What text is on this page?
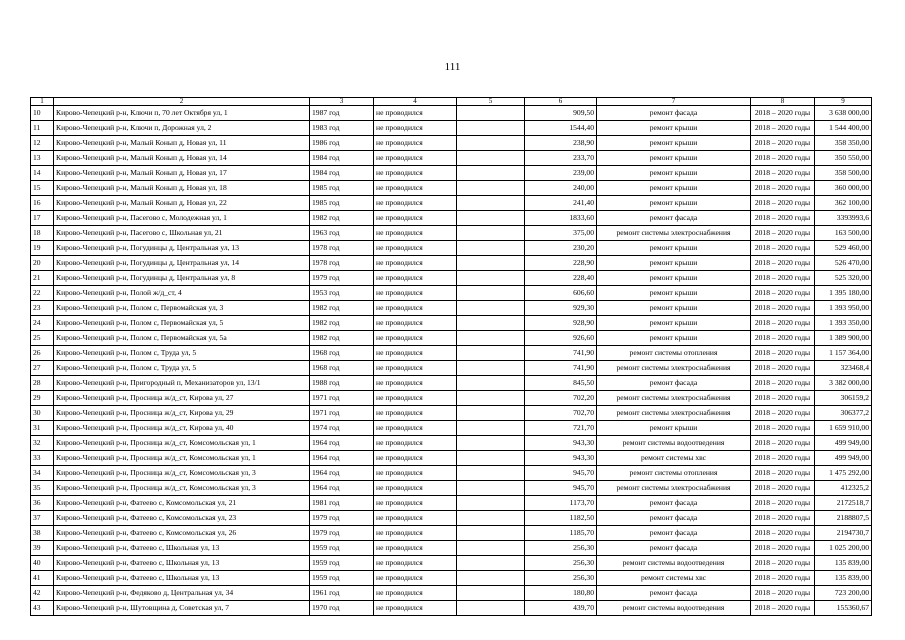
111
1	2	3	4	5	6	7	8	9
10	Кирово-Чепецкий р-н, Ключи п, 70 лет Октября ул, 1	1987 год	не проводился		909,50	ремонт фасада	2018 – 2020 годы	3 638 000,00
11	Кирово-Чепецкий р-н, Ключи п, Дорожная ул, 2	1983 год	не проводился		1544,40	ремонт крыши	2018 – 2020 годы	1 544 400,00
12	Кирово-Чепецкий р-н, Малый Конып д, Новая ул, 11	1986 год	не проводился		238,90	ремонт крыши	2018 – 2020 годы	358 350,00
13	Кирово-Чепецкий р-н, Малый Конып д, Новая ул, 14	1984 год	не проводился		233,70	ремонт крыши	2018 – 2020 годы	350 550,00
14	Кирово-Чепецкий р-н, Малый Конып д, Новая ул, 17	1984 год	не проводился		239,00	ремонт крыши	2018 – 2020 годы	358 500,00
15	Кирово-Чепецкий р-н, Малый Конып д, Новая ул, 18	1985 год	не проводился		240,00	ремонт крыши	2018 – 2020 годы	360 000,00
16	Кирово-Чепецкий р-н, Малый Конып д, Новая ул, 22	1985 год	не проводился		241,40	ремонт крыши	2018 – 2020 годы	362 100,00
17	Кирово-Чепецкий р-н, Пасегово с, Молодежная ул, 1	1982 год	не проводился		1833,60	ремонт фасада	2018 – 2020 годы	3393993,6
18	Кирово-Чепецкий р-н, Пасегово с, Школьная ул, 21	1963 год	не проводился		375,00	ремонт системы электроснабжения	2018 – 2020 годы	163 500,00
19	Кирово-Чепецкий р-н, Погудинцы д, Центральная ул, 13	1978 год	не проводился		230,20	ремонт крыши	2018 – 2020 годы	529 460,00
20	Кирово-Чепецкий р-н, Погудинцы д, Центральная ул, 14	1978 год	не проводился		228,90	ремонт крыши	2018 – 2020 годы	526 470,00
21	Кирово-Чепецкий р-н, Погудинцы д, Центральная ул, 8	1979 год	не проводился		228,40	ремонт крыши	2018 – 2020 годы	525 320,00
22	Кирово-Чепецкий р-н, Полой ж/д_ст, 4	1953 год	не проводился		606,60	ремонт крыши	2018 – 2020 годы	1 395 180,00
23	Кирово-Чепецкий р-н, Полом с, Первомайская ул, 3	1982 год	не проводился		929,30	ремонт крыши	2018 – 2020 годы	1 393 950,00
24	Кирово-Чепецкий р-н, Полом с, Первомайская ул, 5	1982 год	не проводился		928,90	ремонт крыши	2018 – 2020 годы	1 393 350,00
25	Кирово-Чепецкий р-н, Полом с, Первомайская ул, 5а	1982 год	не проводился		926,60	ремонт крыши	2018 – 2020 годы	1 389 900,00
26	Кирово-Чепецкий р-н, Полом с, Труда ул, 5	1968 год	не проводился		741,90	ремонт системы отопления	2018 – 2020 годы	1 157 364,00
27	Кирово-Чепецкий р-н, Полом с, Труда ул, 5	1968 год	не проводился		741,90	ремонт системы электроснабжения	2018 – 2020 годы	323468,4
28	Кирово-Чепецкий р-н, Пригородный п, Механизаторов ул, 13/1	1988 год	не проводился		845,50	ремонт фасада	2018 – 2020 годы	3 382 000,00
29	Кирово-Чепецкий р-н, Просница ж/д_ст, Кирова ул, 27	1971 год	не проводился		702,20	ремонт системы электроснабжения	2018 – 2020 годы	306159,2
30	Кирово-Чепецкий р-н, Просница ж/д_ст, Кирова ул, 29	1971 год	не проводился		702,70	ремонт системы электроснабжения	2018 – 2020 годы	306377,2
31	Кирово-Чепецкий р-н, Просница ж/д_ст, Кирова ул, 40	1974 год	не проводился		721,70	ремонт крыши	2018 – 2020 годы	1 659 910,00
32	Кирово-Чепецкий р-н, Просница ж/д_ст, Комсомольская ул, 1	1964 год	не проводился		943,30	ремонт системы водоотведения	2018 – 2020 годы	499 949,00
33	Кирово-Чепецкий р-н, Просница ж/д_ст, Комсомольская ул, 1	1964 год	не проводился		943,30	ремонт системы хвс	2018 – 2020 годы	499 949,00
34	Кирово-Чепецкий р-н, Просница ж/д_ст, Комсомольская ул, 3	1964 год	не проводился		945,70	ремонт системы отопления	2018 – 2020 годы	1 475 292,00
35	Кирово-Чепецкий р-н, Просница ж/д_ст, Комсомольская ул, 3	1964 год	не проводился		945,70	ремонт системы электроснабжения	2018 – 2020 годы	412325,2
36	Кирово-Чепецкий р-н, Фатеево с, Комсомольская ул, 21	1981 год	не проводился		1173,70	ремонт фасада	2018 – 2020 годы	2172518,7
37	Кирово-Чепецкий р-н, Фатеево с, Комсомольская ул, 23	1979 год	не проводился		1182,50	ремонт фасада	2018 – 2020 годы	2188807,5
38	Кирово-Чепецкий р-н, Фатеево с, Комсомольская ул, 26	1979 год	не проводился		1185,70	ремонт фасада	2018 – 2020 годы	2194730,7
39	Кирово-Чепецкий р-н, Фатеево с, Школьная ул, 13	1959 год	не проводился		256,30	ремонт фасада	2018 – 2020 годы	1 025 200,00
40	Кирово-Чепецкий р-н, Фатеево с, Школьная ул, 13	1959 год	не проводился		256,30	ремонт системы водоотведения	2018 – 2020 годы	135 839,00
41	Кирово-Чепецкий р-н, Фатеево с, Школьная ул, 13	1959 год	не проводился		256,30	ремонт системы хвс	2018 – 2020 годы	135 839,00
42	Кирово-Чепецкий р-н, Федяково д, Центральная ул, 34	1961 год	не проводился		180,80	ремонт фасада	2018 – 2020 годы	723 200,00
43	Кирово-Чепецкий р-н, Шутовщина д, Советская ул, 7	1970 год	не проводился		439,70	ремонт системы водоотведения	2018 – 2020 годы	155360,67
